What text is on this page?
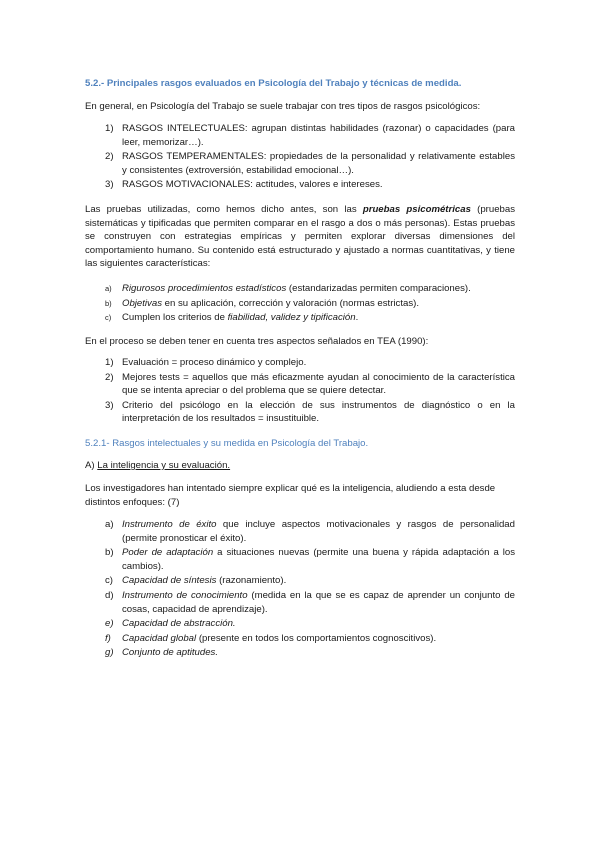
5.2.- Principales rasgos evaluados en Psicología del Trabajo y técnicas de medida.

En general, en Psicología del Trabajo se suele trabajar con tres tipos de rasgos psicológicos:

1) RASGOS INTELECTUALES: agrupan distintas habilidades (razonar) o capacidades (para leer, memorizar…).
2) RASGOS TEMPERAMENTALES: propiedades de la personalidad y relativamente estables y consistentes (extroversión, estabilidad emocional…).
3) RASGOS MOTIVACIONALES: actitudes, valores e intereses.

Las pruebas utilizadas, como hemos dicho antes, son las pruebas psicométricas (pruebas sistemáticas y tipificadas que permiten comparar en el rasgo a dos o más personas). Estas pruebas se construyen con estrategias empíricas y permiten explorar diversas dimensiones del comportamiento humano. Su contenido está estructurado y ajustado a normas cuantitativas, y tiene las siguientes características:

a) Rigurosos procedimientos estadísticos (estandarizadas permiten comparaciones).
b) Objetivas en su aplicación, corrección y valoración (normas estrictas).
c) Cumplen los criterios de fiabilidad, validez y tipificación.

En el proceso se deben tener en cuenta tres aspectos señalados en TEA (1990):

1) Evaluación = proceso dinámico y complejo.
2) Mejores tests = aquellos que más eficazmente ayudan al conocimiento de la característica que se intenta apreciar o del problema que se quiere detectar.
3) Criterio del psicólogo en la elección de sus instrumentos de diagnóstico o en la interpretación de los resultados = insustituible.

5.2.1- Rasgos intelectuales y su medida en Psicología del Trabajo.

A) La inteligencia y su evaluación.

Los investigadores han intentado siempre explicar qué es la inteligencia, aludiendo a esta desde distintos enfoques: (7)

a) Instrumento de éxito que incluye aspectos motivacionales y rasgos de personalidad (permite pronosticar el éxito).
b) Poder de adaptación a situaciones nuevas (permite una buena y rápida adaptación a los cambios).
c) Capacidad de síntesis (razonamiento).
d) Instrumento de conocimiento (medida en la que se es capaz de aprender un conjunto de cosas, capacidad de aprendizaje).
e) Capacidad de abstracción.
f) Capacidad global (presente en todos los comportamientos cognoscitivos).
g) Conjunto de aptitudes.
